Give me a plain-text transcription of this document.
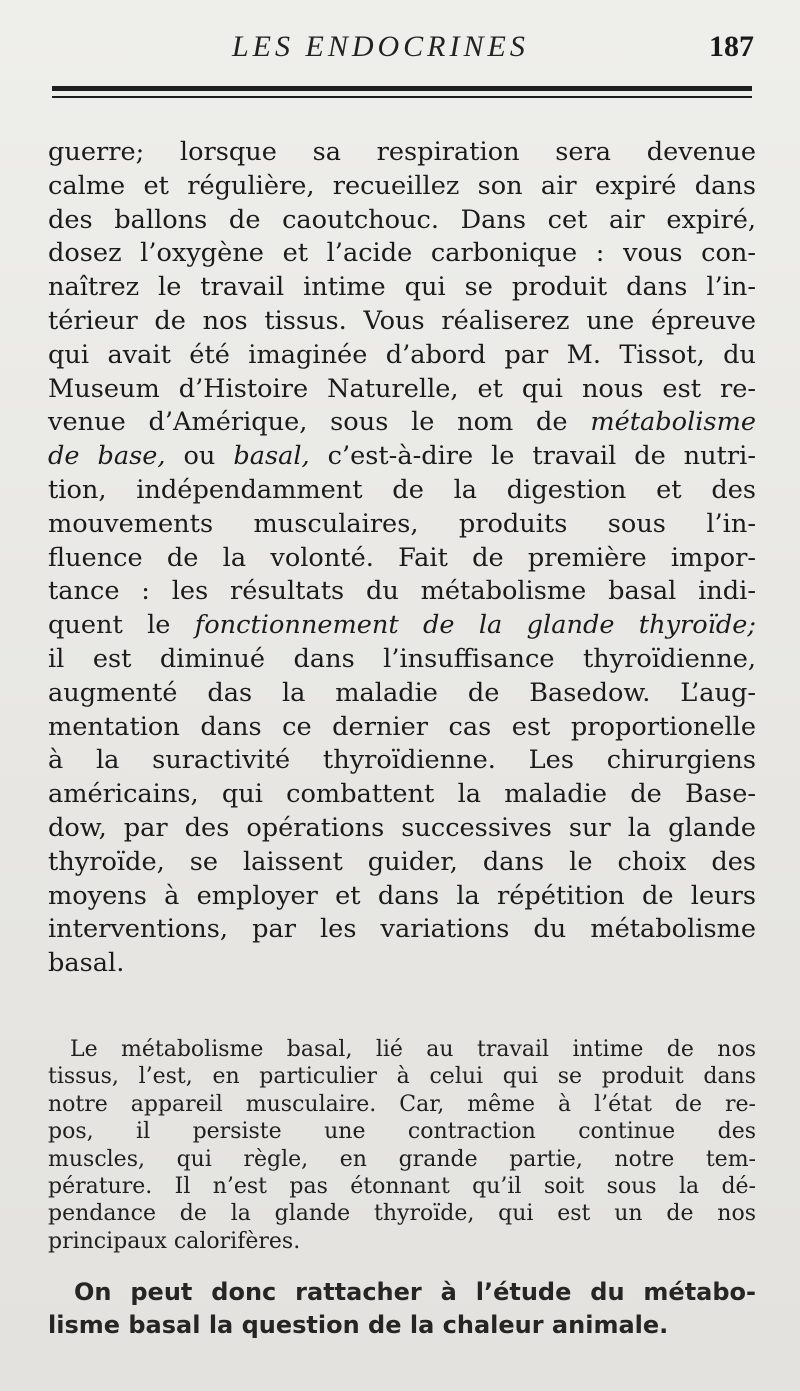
LES ENDOCRINES	187
guerre; lorsque sa respiration sera devenue
calme et régulière, recueillez son air expiré dans
des ballons de caoutchouc. Dans cet air expiré,
dosez l’oxygène et l’acide carbonique : vous con-
naîtrez le travail intime qui se produit dans l’in-
térieur de nos tissus. Vous réaliserez une épreuve
qui avait été imaginée d’abord par M. Tissot, du
Museum d’Histoire Naturelle, et qui nous est re-
venue d’Amérique, sous le nom de métabolisme
de base, ou basal, c’est-à-dire le travail de nutri-
tion, indépendamment de la digestion et des
mouvements musculaires, produits sous l’in-
fluence de la volonté. Fait de première impor-
tance : les résultats du métabolisme basal indi-
quent le fonctionnement de la glande thyroïde;
il est diminué dans l’insuffisance thyroïdienne,
augmenté das la maladie de Basedow. L’aug-
mentation dans ce dernier cas est proportionelle
à la suractivité thyroïdienne. Les chirurgiens
américains, qui combattent la maladie de Base-
dow, par des opérations successives sur la glande
thyroïde, se laissent guider, dans le choix des
moyens à employer et dans la répétition de leurs
interventions, par les variations du métabolisme
basal.
Le métabolisme basal, lié au travail intime de nos
tissus, l’est, en particulier à celui qui se produit dans
notre appareil musculaire. Car, même à l’état de re-
pos, il persiste une contraction continue des
muscles, qui règle, en grande partie, notre tem-
pérature. Il n’est pas étonnant qu’il soit sous la dé-
pendance de la glande thyroïde, qui est un de nos
principaux calorifères.
On peut donc rattacher à l’étude du métabo-
lisme basal la question de la chaleur animale.
